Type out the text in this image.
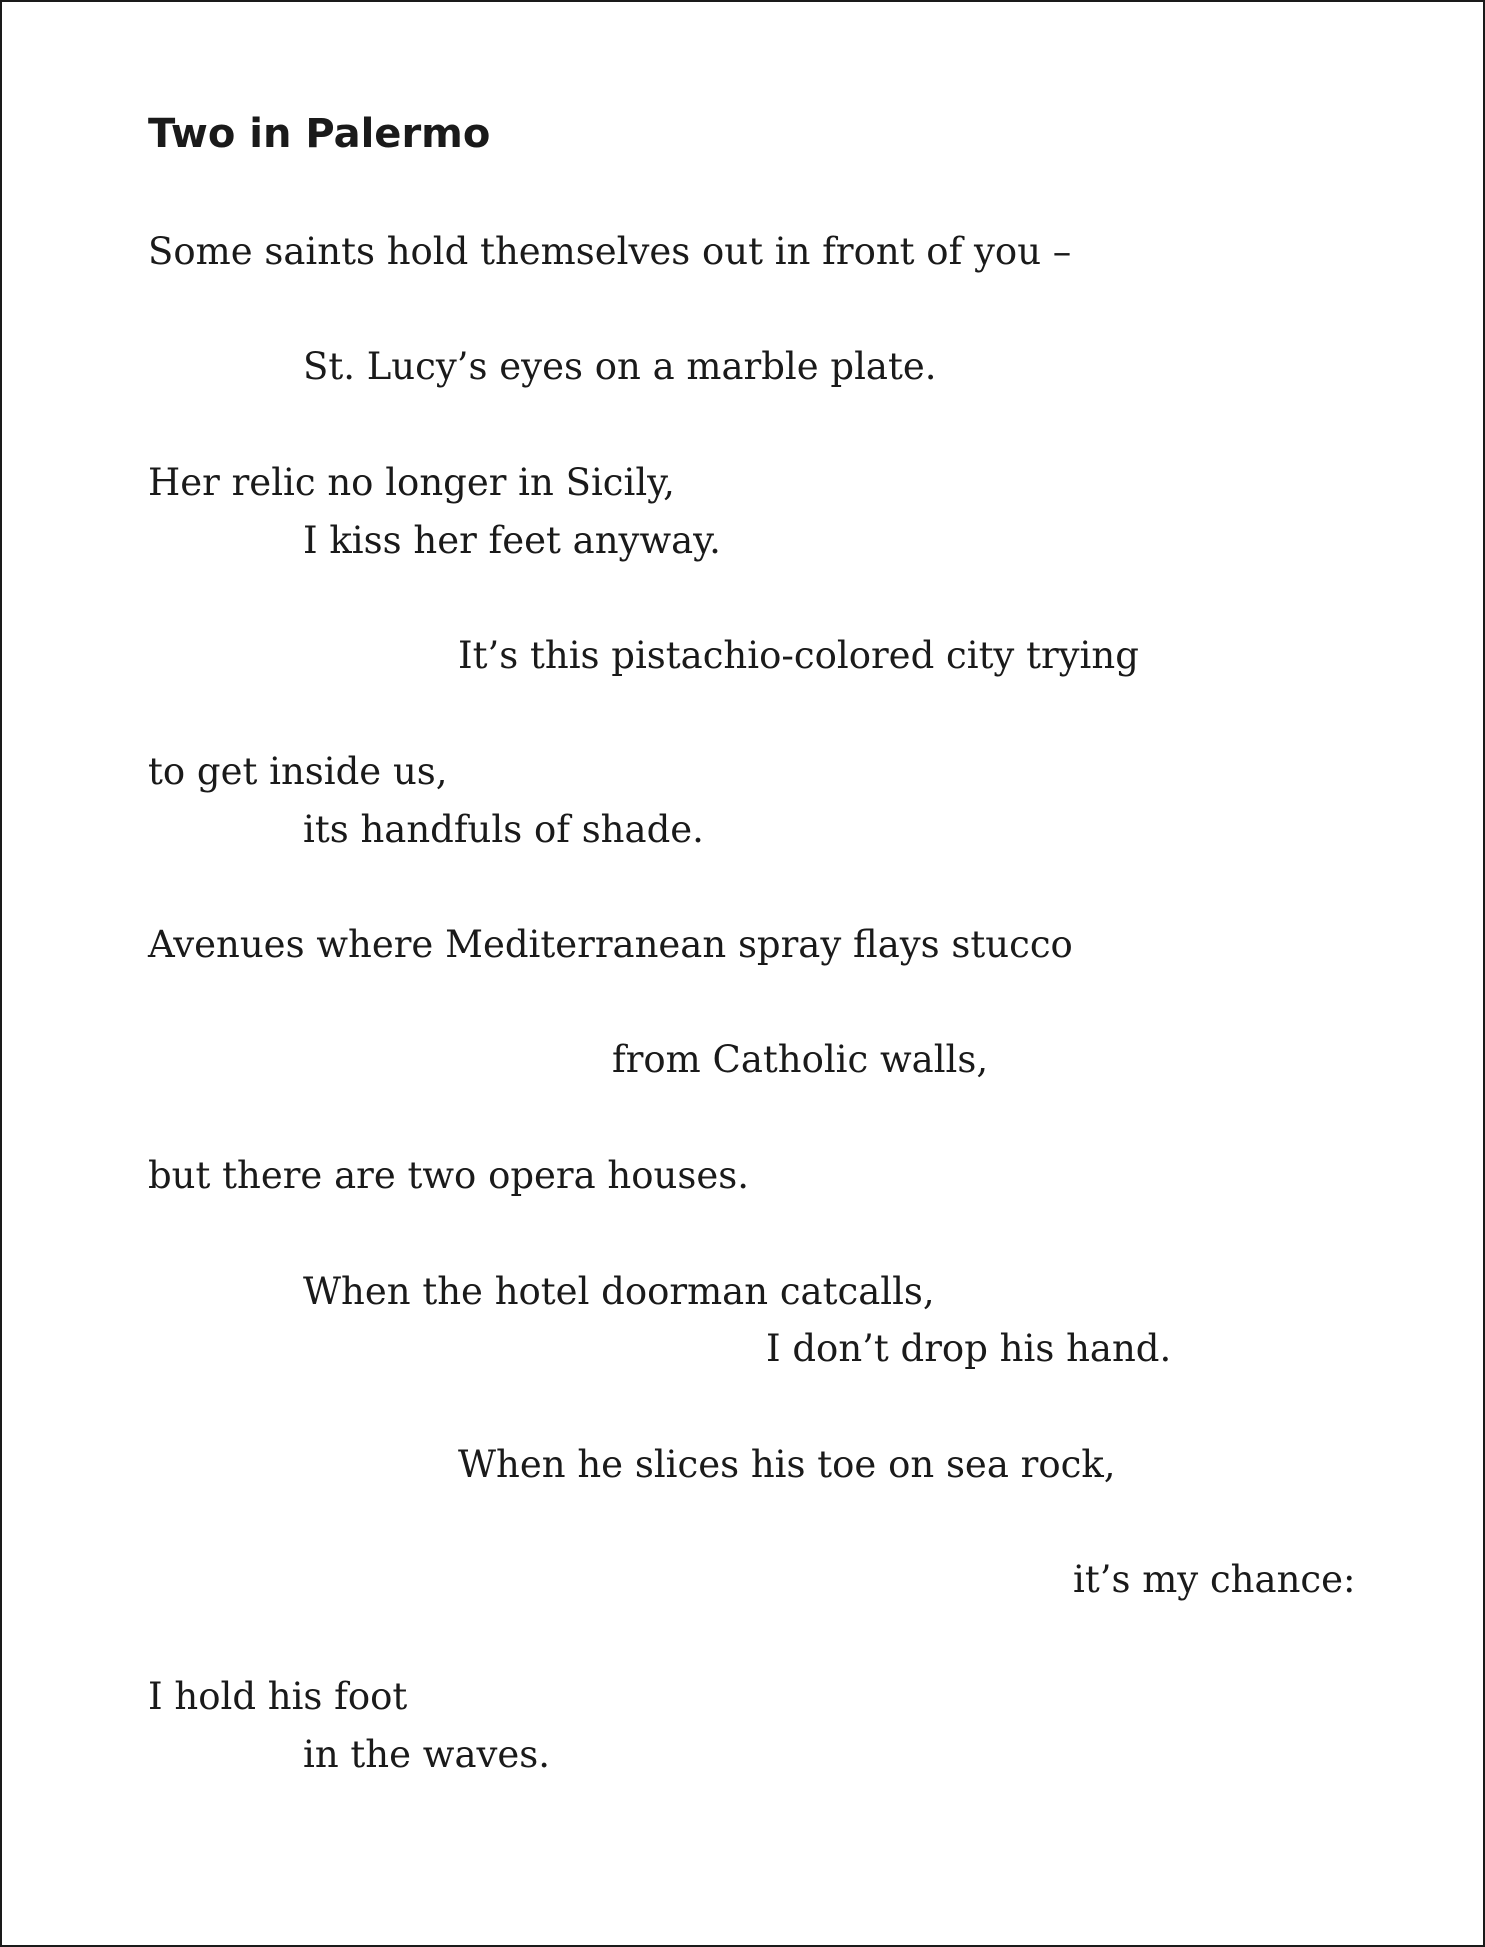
Two in Palermo

Some saints hold themselves out in front of you –

St. Lucy’s eyes on a marble plate.

Her relic no longer in Sicily,

I kiss her feet anyway.

It’s this pistachio-colored city trying

to get inside us,

its handfuls of shade.

Avenues where Mediterranean spray flays stucco

from Catholic walls,

but there are two opera houses.

When the hotel doorman catcalls,

I don’t drop his hand.

When he slices his toe on sea rock,

it’s my chance:

I hold his foot

in the waves.
